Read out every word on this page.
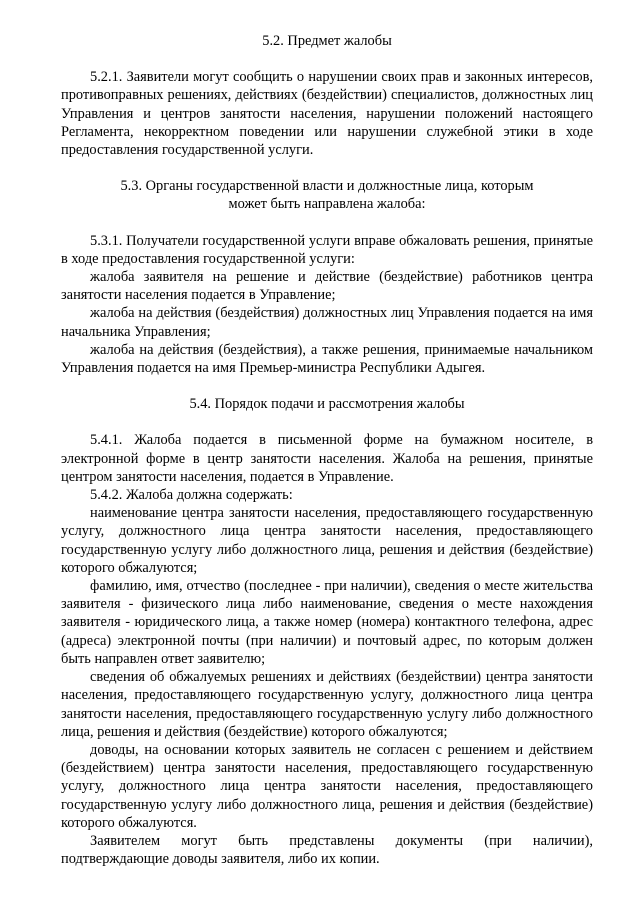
5.2. Предмет жалобы

5.2.1. Заявители могут сообщить о нарушении своих прав и законных интересов, противоправных решениях, действиях (бездействии) специалистов, должностных лиц Управления и центров занятости населения, нарушении положений настоящего Регламента, некорректном поведении или нарушении служебной этики в ходе предоставления государственной услуги.

5.3. Органы государственной власти и должностные лица, которым может быть направлена жалоба:

5.3.1. Получатели государственной услуги вправе обжаловать решения, принятые в ходе предоставления государственной услуги:

жалоба заявителя на решение и действие (бездействие) работников центра занятости населения подается в Управление;

жалоба на действия (бездействия) должностных лиц Управления подается на имя начальника Управления;

жалоба на действия (бездействия), а также решения, принимаемые начальником Управления подается на имя Премьер-министра Республики Адыгея.

5.4. Порядок подачи и рассмотрения жалобы

5.4.1. Жалоба подается в письменной форме на бумажном носителе, в электронной форме в центр занятости населения. Жалоба на решения, принятые центром занятости населения, подается в Управление.

5.4.2. Жалоба должна содержать:

наименование центра занятости населения, предоставляющего государственную услугу, должностного лица центра занятости населения, предоставляющего государственную услугу либо должностного лица, решения и действия (бездействие) которого обжалуются;

фамилию, имя, отчество (последнее - при наличии), сведения о месте жительства заявителя - физического лица либо наименование, сведения о месте нахождения заявителя - юридического лица, а также номер (номера) контактного телефона, адрес (адреса) электронной почты (при наличии) и почтовый адрес, по которым должен быть направлен ответ заявителю;

сведения об обжалуемых решениях и действиях (бездействии) центра занятости населения, предоставляющего государственную услугу, должностного лица центра занятости населения, предоставляющего государственную услугу либо должностного лица, решения и действия (бездействие) которого обжалуются;

доводы, на основании которых заявитель не согласен с решением и действием (бездействием) центра занятости населения, предоставляющего государственную услугу, должностного лица центра занятости населения, предоставляющего государственную услугу либо должностного лица, решения и действия (бездействие) которого обжалуются.

Заявителем могут быть представлены документы (при наличии), подтверждающие доводы заявителя, либо их копии.
